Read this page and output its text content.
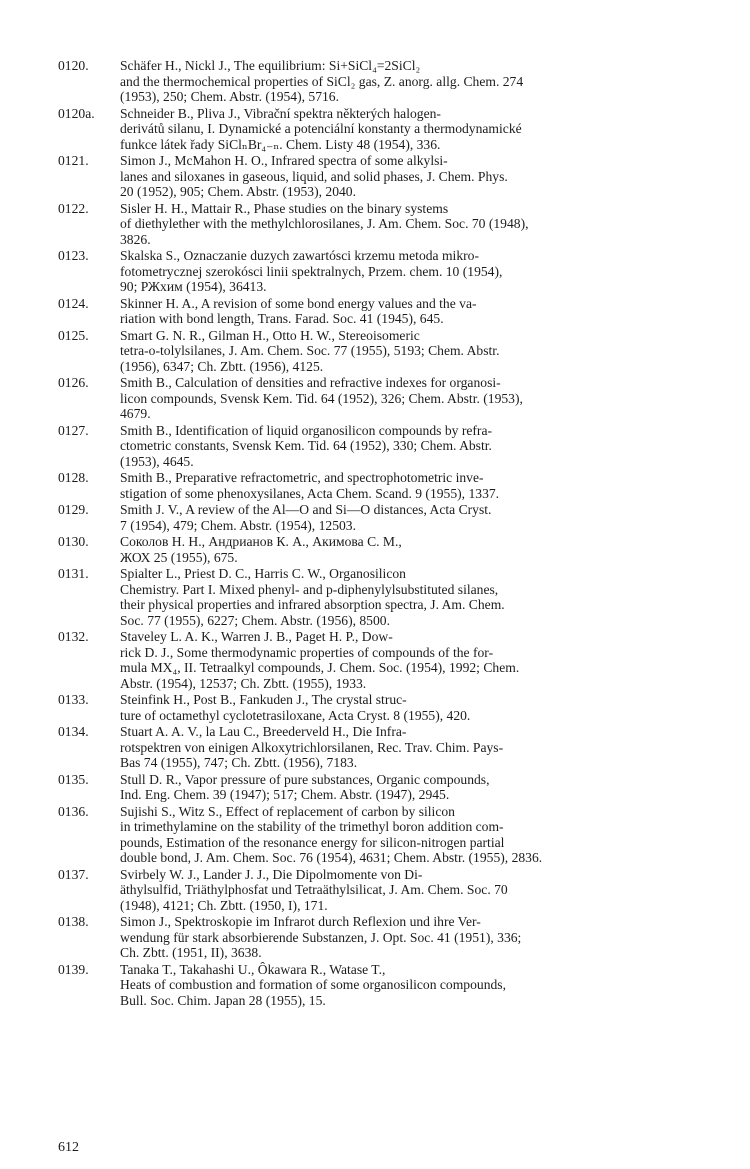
0120.	Schäfer H., Nickl J., The equilibrium: Si+SiCl₄=2SiCl₂
and the thermochemical properties of SiCl₂ gas, Z. anorg. allg. Chem. 274
(1953), 250; Chem. Abstr. (1954), 5716.
0120a.	Schneider B., Pliva J., Vibrační spektra některých halogen-
derivátů silanu, I. Dynamické a potenciální konstanty a thermodynamické
funkce látek řady SiClₙBr₄₋ₙ. Chem. Listy 48 (1954), 336.
0121.	Simon J., McMahon H. O., Infrared spectra of some alkylsi-
lanes and siloxanes in gaseous, liquid, and solid phases, J. Chem. Phys.
20 (1952), 905; Chem. Abstr. (1953), 2040.
0122.	Sisler H. H., Mattair R., Phase studies on the binary systems
of diethylether with the methylchlorosilanes, J. Am. Chem. Soc. 70 (1948),
3826.
0123.	Skalska S., Oznaczanie duzych zawartósci krzemu metoda mikro-
fotometrycznej szerokósci linii spektralnych, Przem. chem. 10 (1954),
90; РЖхим (1954), 36413.
0124.	Skinner H. A., A revision of some bond energy values and the va-
riation with bond length, Trans. Farad. Soc. 41 (1945), 645.
0125.	Smart G. N. R., Gilman H., Otto H. W., Stereoisomeric
tetra-o-tolylsilanes, J. Am. Chem. Soc. 77 (1955), 5193; Chem. Abstr.
(1956), 6347; Ch. Zbtt. (1956), 4125.
0126.	Smith B., Calculation of densities and refractive indexes for organosi-
licon compounds, Svensk Kem. Tid. 64 (1952), 326; Chem. Abstr. (1953),
4679.
0127.	Smith B., Identification of liquid organosilicon compounds by refra-
ctometric constants, Svensk Kem. Tid. 64 (1952), 330; Chem. Abstr.
(1953), 4645.
0128.	Smith B., Preparative refractometric, and spectrophotometric inve-
stigation of some phenoxysilanes, Acta Chem. Scand. 9 (1955), 1337.
0129.	Smith J. V., A review of the Al—O and Si—O distances, Acta Cryst.
7 (1954), 479; Chem. Abstr. (1954), 12503.
0130.	Соколов Н. Н., Андрианов К. А., Акимова С. М.,
ЖОХ 25 (1955), 675.
0131.	Spialter L., Priest D. C., Harris C. W., Organosilicon
Chemistry. Part I. Mixed phenyl- and p-diphenylylsubstituted silanes,
their physical properties and infrared absorption spectra, J. Am. Chem.
Soc. 77 (1955), 6227; Chem. Abstr. (1956), 8500.
0132.	Staveley L. A. K., Warren J. B., Paget H. P., Dow-
rick D. J., Some thermodynamic properties of compounds of the for-
mula MX₄, II. Tetraalkyl compounds, J. Chem. Soc. (1954), 1992; Chem.
Abstr. (1954), 12537; Ch. Zbtt. (1955), 1933.
0133.	Steinfink H., Post B., Fankuden J., The crystal struc-
ture of octamethyl cyclotetrasiloxane, Acta Cryst. 8 (1955), 420.
0134.	Stuart A. A. V., la Lau C., Breederveld H., Die Infra-
rotspektren von einigen Alkoxytrichlorsilanen, Rec. Trav. Chim. Pays-
Bas 74 (1955), 747; Ch. Zbtt. (1956), 7183.
0135.	Stull D. R., Vapor pressure of pure substances, Organic compounds,
Ind. Eng. Chem. 39 (1947); 517; Chem. Abstr. (1947), 2945.
0136.	Sujishi S., Witz S., Effect of replacement of carbon by silicon
in trimethylamine on the stability of the trimethyl boron addition com-
pounds, Estimation of the resonance energy for silicon-nitrogen partial
double bond, J. Am. Chem. Soc. 76 (1954), 4631; Chem. Abstr. (1955), 2836.
0137.	Svirbely W. J., Lander J. J., Die Dipolmomente von Di-
äthylsulfid, Triäthylphosfat und Tetraäthylsilicat, J. Am. Chem. Soc. 70
(1948), 4121; Ch. Zbtt. (1950, I), 171.
0138.	Simon J., Spektroskopie im Infrarot durch Reflexion und ihre Ver-
wendung für stark absorbierende Substanzen, J. Opt. Soc. 41 (1951), 336;
Ch. Zbtt. (1951, II), 3638.
0139.	Tanaka T., Takahashi U., Ôkawara R., Watase T.,
Heats of combustion and formation of some organosilicon compounds,
Bull. Soc. Chim. Japan 28 (1955), 15.
612
